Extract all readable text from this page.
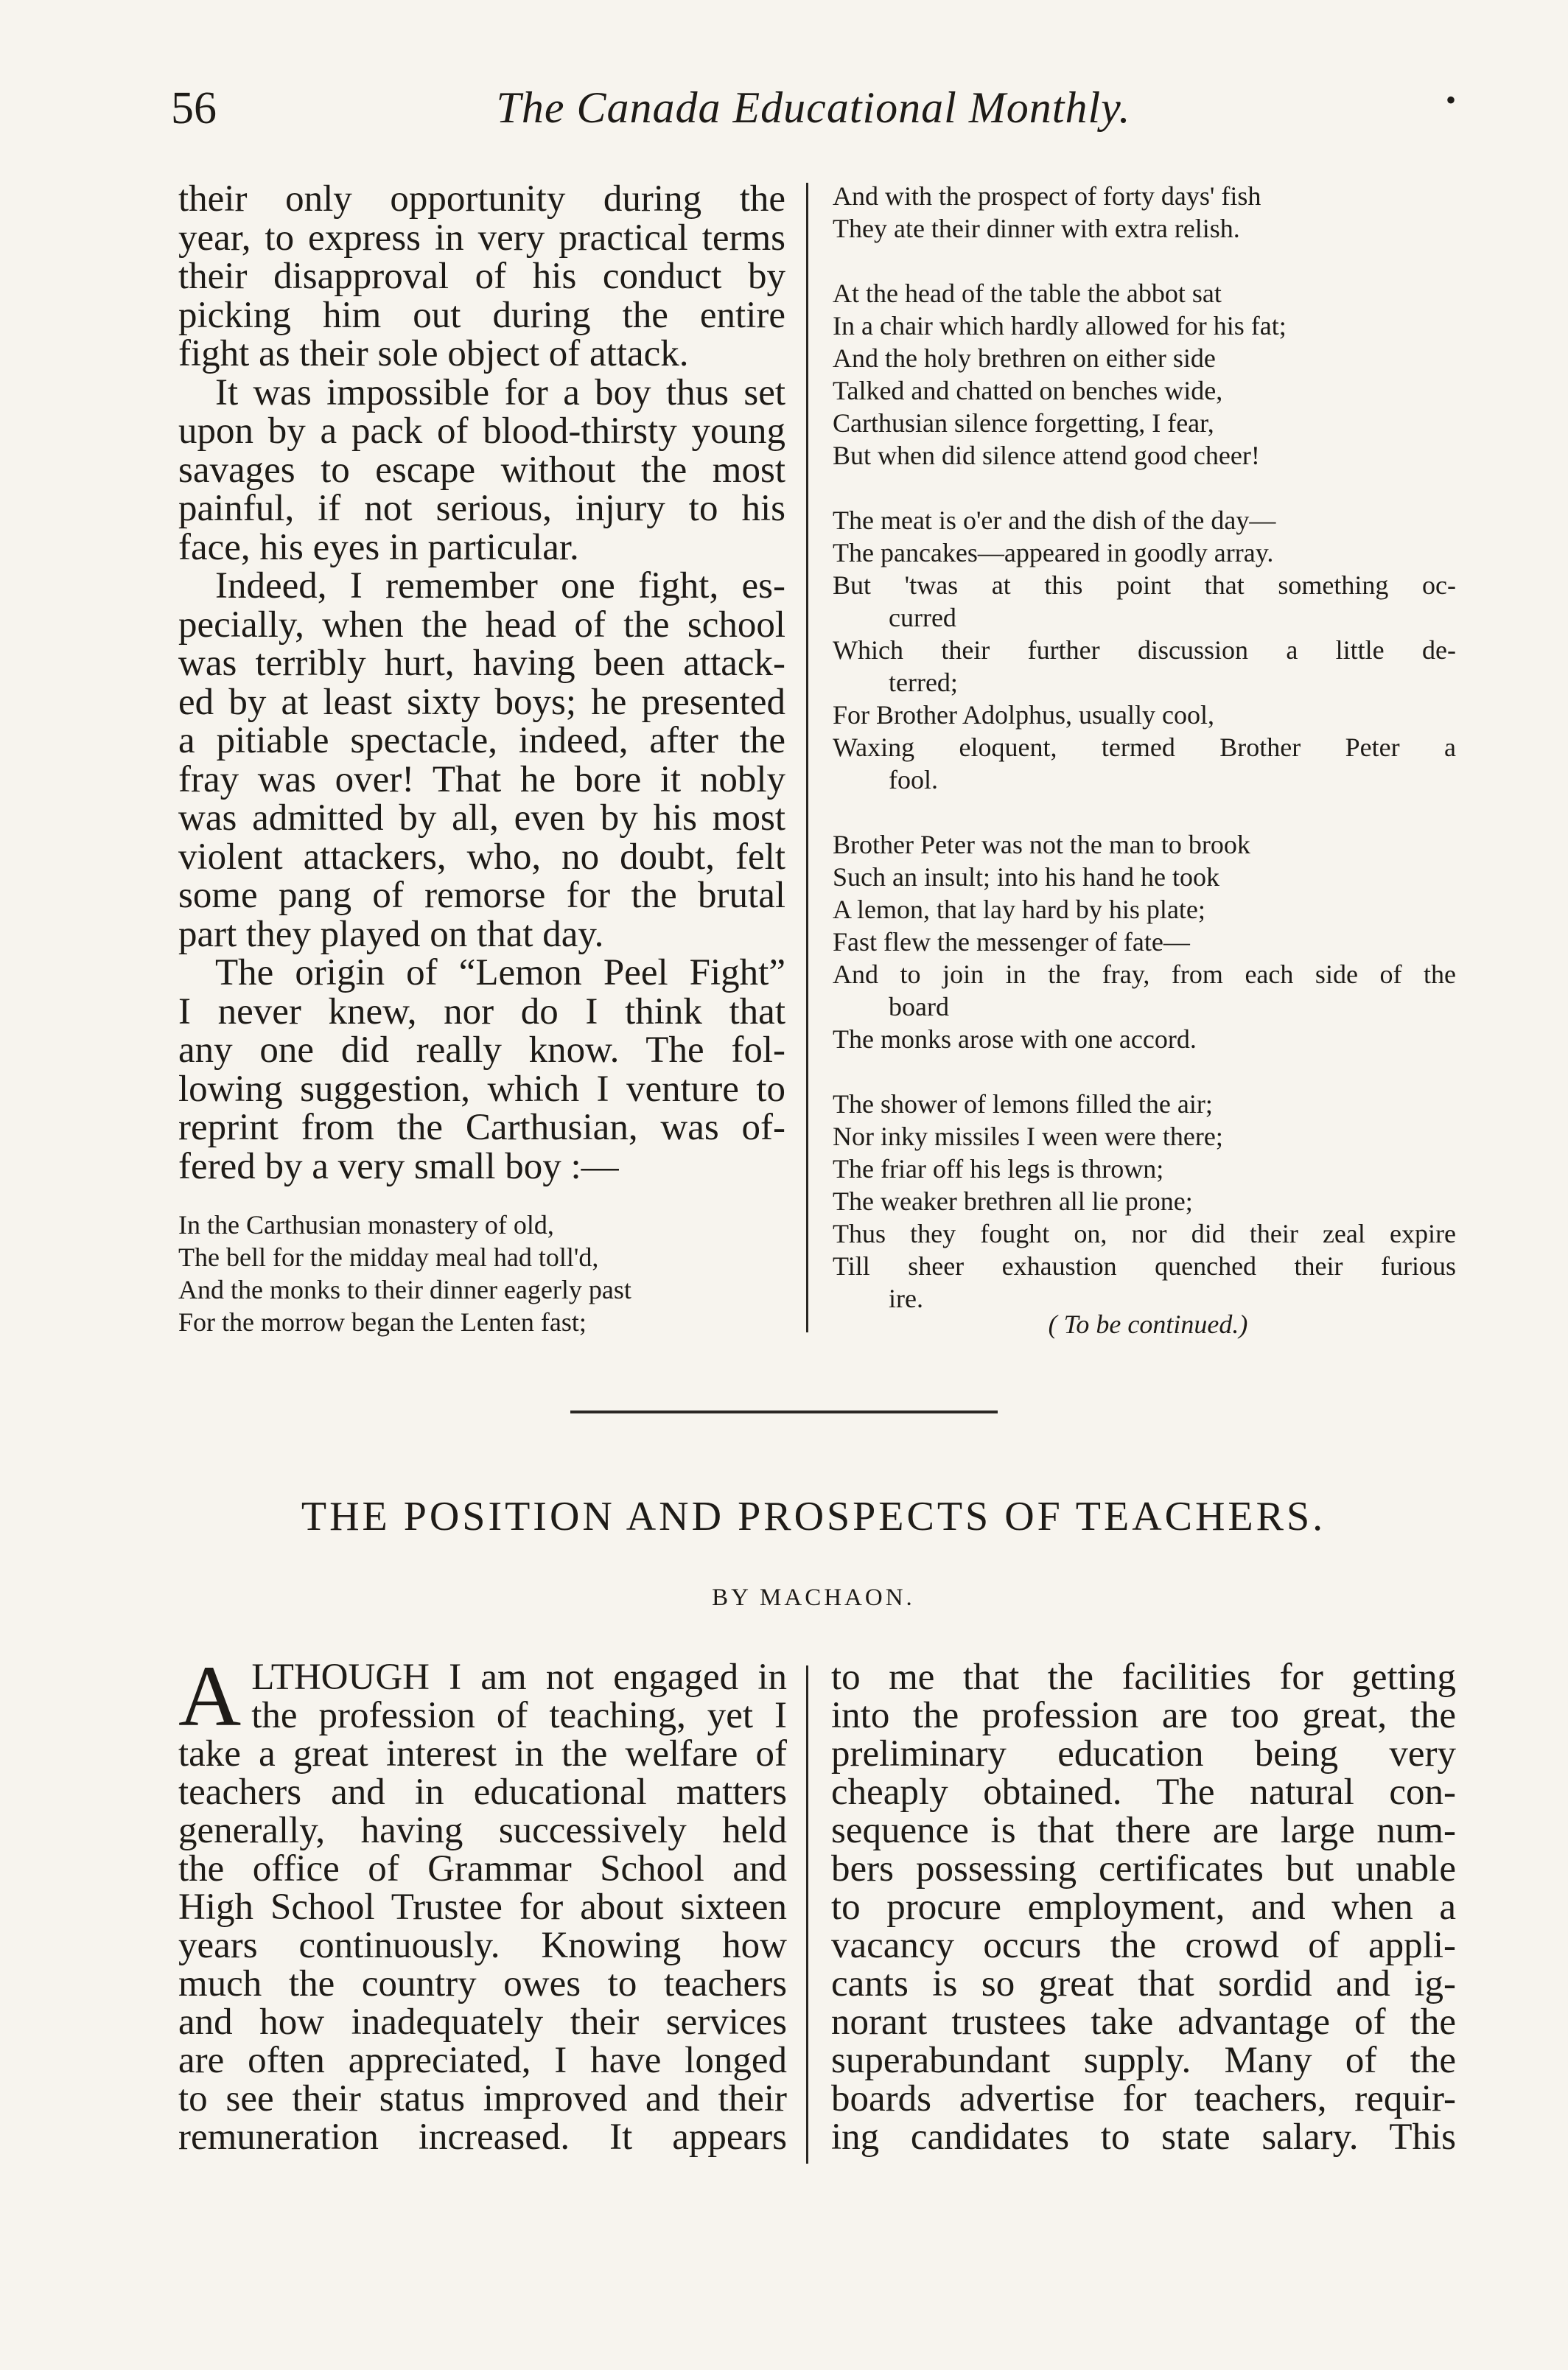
56	The Canada Educational Monthly.	•
their only opportunity during the
year, to express in very practical terms
their disapproval of his conduct by
picking him out during the entire
fight as their sole object of attack.
It was impossible for a boy thus set
upon by a pack of blood-thirsty young
savages to escape without the most
painful, if not serious, injury to his
face, his eyes in particular.
Indeed, I remember one fight, es-
pecially, when the head of the school
was terribly hurt, having been attack-
ed by at least sixty boys; he presented
a pitiable spectacle, indeed, after the
fray was over! That he bore it nobly
was admitted by all, even by his most
violent attackers, who, no doubt, felt
some pang of remorse for the brutal
part they played on that day.
The origin of “Lemon Peel Fight”
I never knew, nor do I think that
any one did really know. The fol-
lowing suggestion, which I venture to
reprint from the Carthusian, was of-
fered by a very small boy :—
In the Carthusian monastery of old,
The bell for the midday meal had toll'd,
And the monks to their dinner eagerly past
For the morrow began the Lenten fast;
And with the prospect of forty days' fish
They ate their dinner with extra relish.
At the head of the table the abbot sat
In a chair which hardly allowed for his fat;
And the holy brethren on either side
Talked and chatted on benches wide,
Carthusian silence forgetting, I fear,
But when did silence attend good cheer!
The meat is o'er and the dish of the day—
The pancakes—appeared in goodly array.
But 'twas at this point that something oc-
curred
Which their further discussion a little de-
terred;
For Brother Adolphus, usually cool,
Waxing eloquent, termed Brother Peter a
fool.
Brother Peter was not the man to brook
Such an insult; into his hand he took
A lemon, that lay hard by his plate;
Fast flew the messenger of fate—
And to join in the fray, from each side of the
board
The monks arose with one accord.
The shower of lemons filled the air;
Nor inky missiles I ween were there;
The friar off his legs is thrown;
The weaker brethren all lie prone;
Thus they fought on, nor did their zeal expire
Till sheer exhaustion quenched their furious
ire.
( To be continued.)
THE POSITION AND PROSPECTS OF TEACHERS.
BY MACHAON.
A LTHOUGH I am not engaged in
the profession of teaching, yet I
take a great interest in the welfare of
teachers and in educational matters
generally, having successively held
the office of Grammar School and
High School Trustee for about sixteen
years continuously. Knowing how
much the country owes to teachers
and how inadequately their services
are often appreciated, I have longed
to see their status improved and their
remuneration increased. It appears
to me that the facilities for getting
into the profession are too great, the
preliminary education being very
cheaply obtained. The natural con-
sequence is that there are large num-
bers possessing certificates but unable
to procure employment, and when a
vacancy occurs the crowd of appli-
cants is so great that sordid and ig-
norant trustees take advantage of the
superabundant supply. Many of the
boards advertise for teachers, requir-
ing candidates to state salary. This
